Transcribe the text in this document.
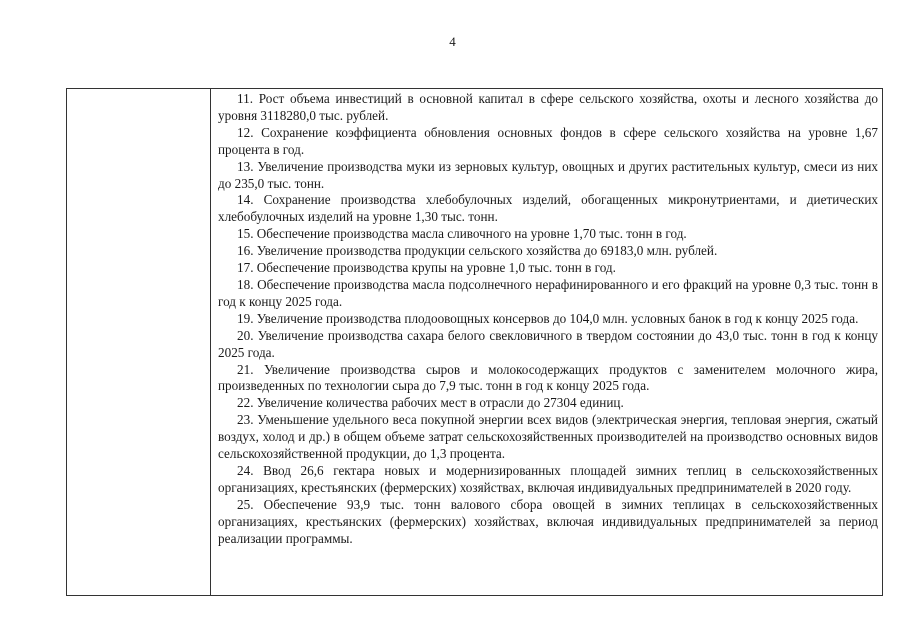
4

11. Рост объема инвестиций в основной капитал в сфере сельского хозяйства, охоты и лесного хозяйства до уровня 3118280,0 тыс. рублей.

12. Сохранение коэффициента обновления основных фондов в сфере сельского хозяйства на уровне 1,67 процента в год.

13. Увеличение производства муки из зерновых культур, овощных и других растительных культур, смеси из них до 235,0 тыс. тонн.

14. Сохранение производства хлебобулочных изделий, обогащенных микронутриентами, и диетических хлебобулочных изделий на уровне 1,30 тыс. тонн.

15. Обеспечение производства масла сливочного на уровне 1,70 тыс. тонн в год.

16. Увеличение производства продукции сельского хозяйства до 69183,0 млн. рублей.

17. Обеспечение производства крупы на уровне 1,0 тыс. тонн в год.

18. Обеспечение производства масла подсолнечного нерафинированного и его фракций на уровне 0,3 тыс. тонн в год к концу 2025 года.

19. Увеличение производства плодоовощных консервов до 104,0 млн. условных банок в год к концу 2025 года.

20. Увеличение производства сахара белого свекловичного в твердом состоянии до 43,0 тыс. тонн в год к концу 2025 года.

21. Увеличение производства сыров и молокосодержащих продуктов с заменителем молочного жира, произведенных по технологии сыра до 7,9 тыс. тонн в год к концу 2025 года.

22. Увеличение количества рабочих мест в отрасли до 27304 единиц.

23. Уменьшение удельного веса покупной энергии всех видов (электрическая энергия, тепловая энергия, сжатый воздух, холод и др.) в общем объеме затрат сельскохозяйственных производителей на производство основных видов сельскохозяйственной продукции, до 1,3 процента.

24. Ввод 26,6 гектара новых и модернизированных площадей зимних теплиц в сельскохозяйственных организациях, крестьянских (фермерских) хозяйствах, включая индивидуальных предпринимателей в 2020 году.

25. Обеспечение 93,9 тыс. тонн валового сбора овощей в зимних теплицах в сельскохозяйственных организациях, крестьянских (фермерских) хозяйствах, включая индивидуальных предпринимателей за период реализации программы.
